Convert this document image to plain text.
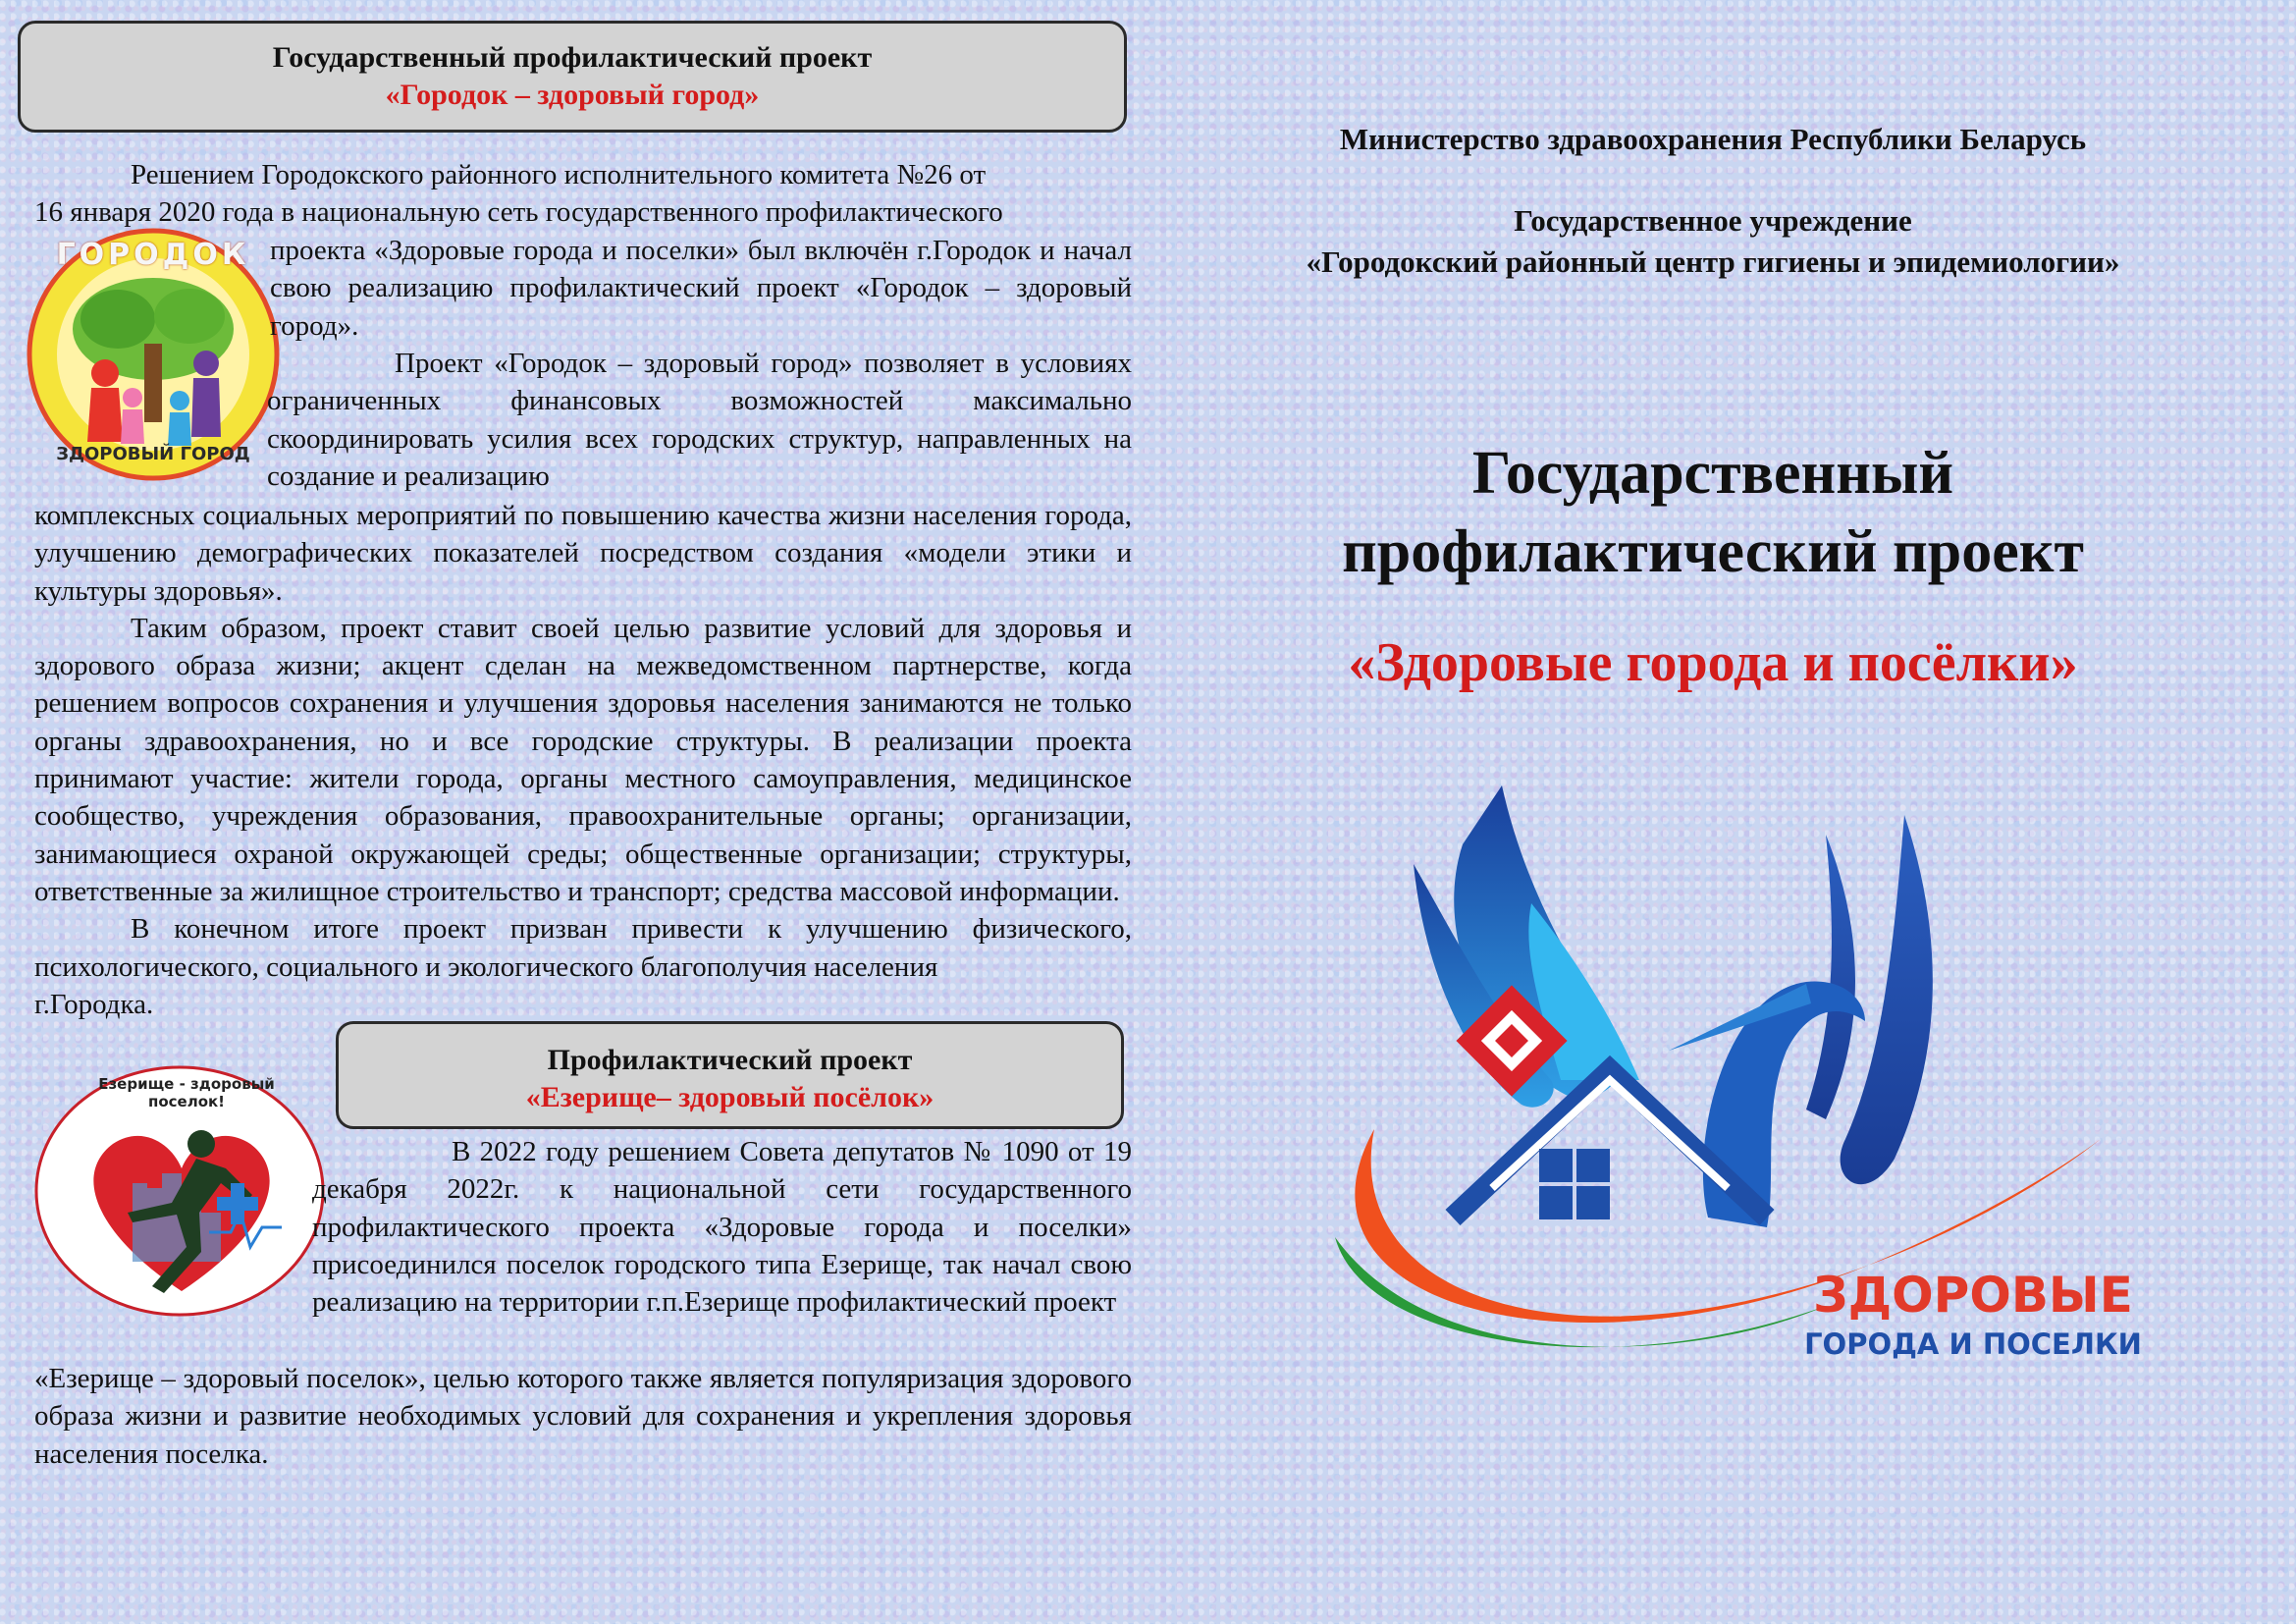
Государственный профилактический проект
«Городок – здоровый город»
ГОРОДОК
ЗДОРОВЫЙ ГОРОД

Решением Городокского районного исполнительного комитета №26 от

16 января 2020 года в национальную сеть государственного профилактического

проекта «Здоровые города и поселки» был включён г.Городок и начал свою реализацию профилактический проект «Городок – здоровый город».

Проект «Городок – здоровый город» позволяет в условиях ограниченных финансовых возможностей максимально скоординировать усилия всех городских структур, направленных на создание и реализацию

комплексных социальных мероприятий по повышению качества жизни населения города, улучшению демографических показателей посредством создания «модели этики и культуры здоровья».

Таким образом, проект ставит своей целью развитие условий для здоровья и здорового образа жизни; акцент сделан на межведомственном партнерстве, когда решением вопросов сохранения и улучшения здоровья населения занимаются не только органы здравоохранения, но и все городские структуры. В реализации проекта принимают участие: жители города, органы местного самоуправления, медицинское сообщество, учреждения образования, правоохранительные органы; организации, занимающиеся охраной окружающей среды; общественные организации; структуры, ответственные за жилищное строительство и транспорт; средства массовой информации.

В конечном итоге проект призван привести к улучшению физического, психологического, социального и экологического благополучия населения

г.Городка.

Профилактический проект
«Езерище– здоровый посёлок»
Езерище - здоровый поселок!

В 2022 году решением Совета депутатов № 1090 от 19 декабря 2022г. к национальной сети государственного профилактического проекта «Здоровые города и поселки» присоединился поселок городского типа Езерище, так начал свою реализацию на территории г.п.Езерище профилактический проект

«Езерище – здоровый поселок», целью которого также является популяризация здорового образа жизни и развитие необходимых условий для сохранения и укрепления здоровья населения поселка.

Министерство здравоохранения Республики Беларусь
Государственное учреждение
«Городокский районный центр гигиены и эпидемиологии»
Государственный
профилактический проект
«Здоровые города и посёлки»
ЗДОРОВЫЕ
ГОРОДА И ПОСЕЛКИ
